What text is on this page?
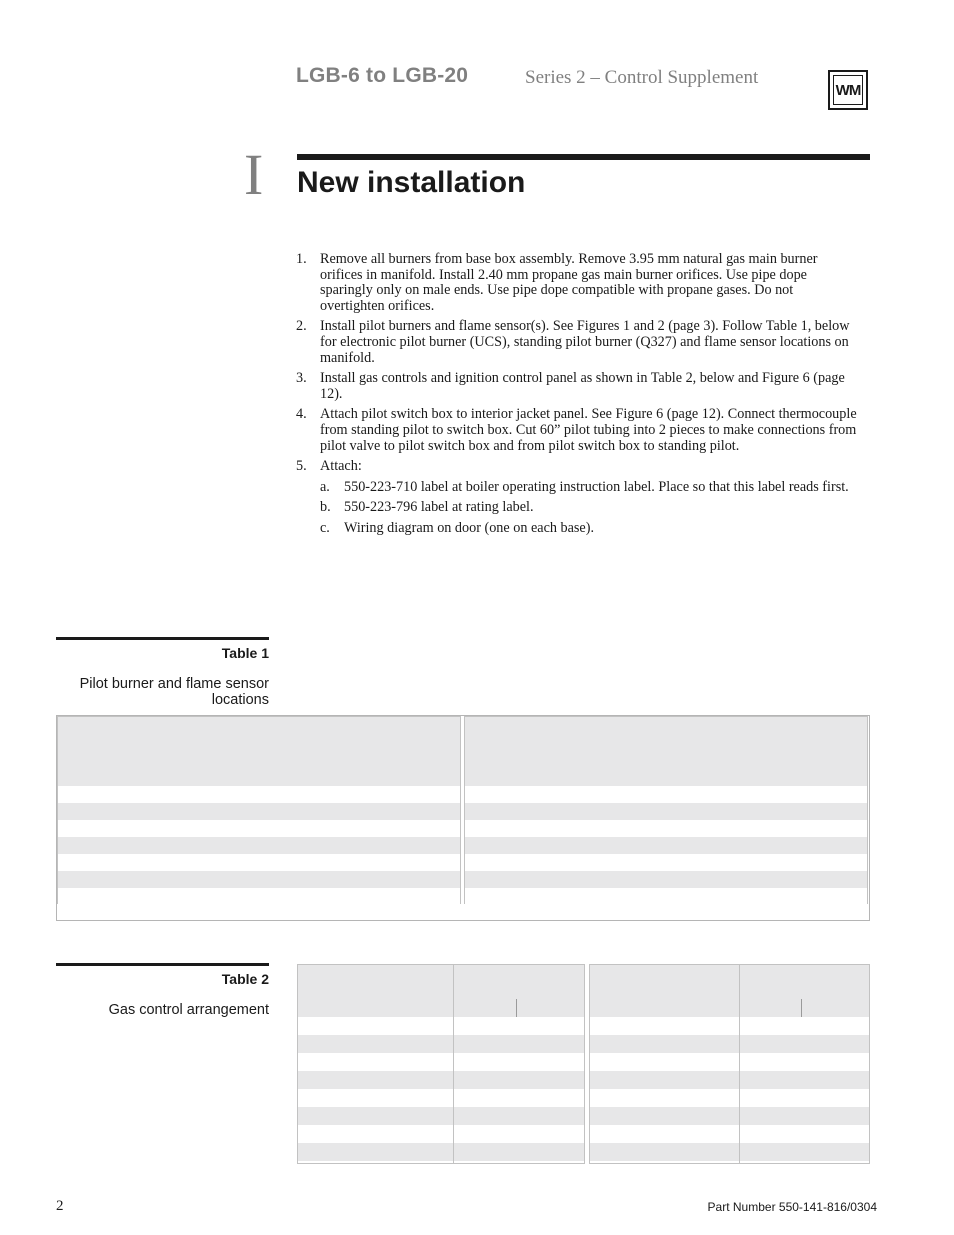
LGB-6 to LGB-20	Series 2 – Control Supplement
WM
I New installation
1. Remove all burners from base box assembly. Remove 3.95 mm natural gas main burner orifices in manifold. Install 2.40 mm propane gas main burner orifices. Use pipe dope sparingly only on male ends. Use pipe dope compatible with propane gases. Do not overtighten orifices.
2. Install pilot burners and flame sensor(s). See Figures 1 and 2 (page 3). Follow Table 1, below for electronic pilot burner (UCS), standing pilot burner (Q327) and flame sensor locations on manifold.
3. Install gas controls and ignition control panel as shown in Table 2, below and Figure 6 (page 12).
4. Attach pilot switch box to interior jacket panel. See Figure 6 (page 12). Connect thermocouple from standing pilot to switch box. Cut 60” pilot tubing into 2 pieces to make connections from pilot valve to pilot switch box and from pilot switch box to standing pilot.
5. Attach:
a. 550-223-710 label at boiler operating instruction label. Place so that this label reads first.
b. 550-223-796 label at rating label.
c. Wiring diagram on door (one on each base).
Table 1
Pilot burner and flame sensor locations
Table 2
Gas control arrangement
2	Part Number 550-141-816/0304
